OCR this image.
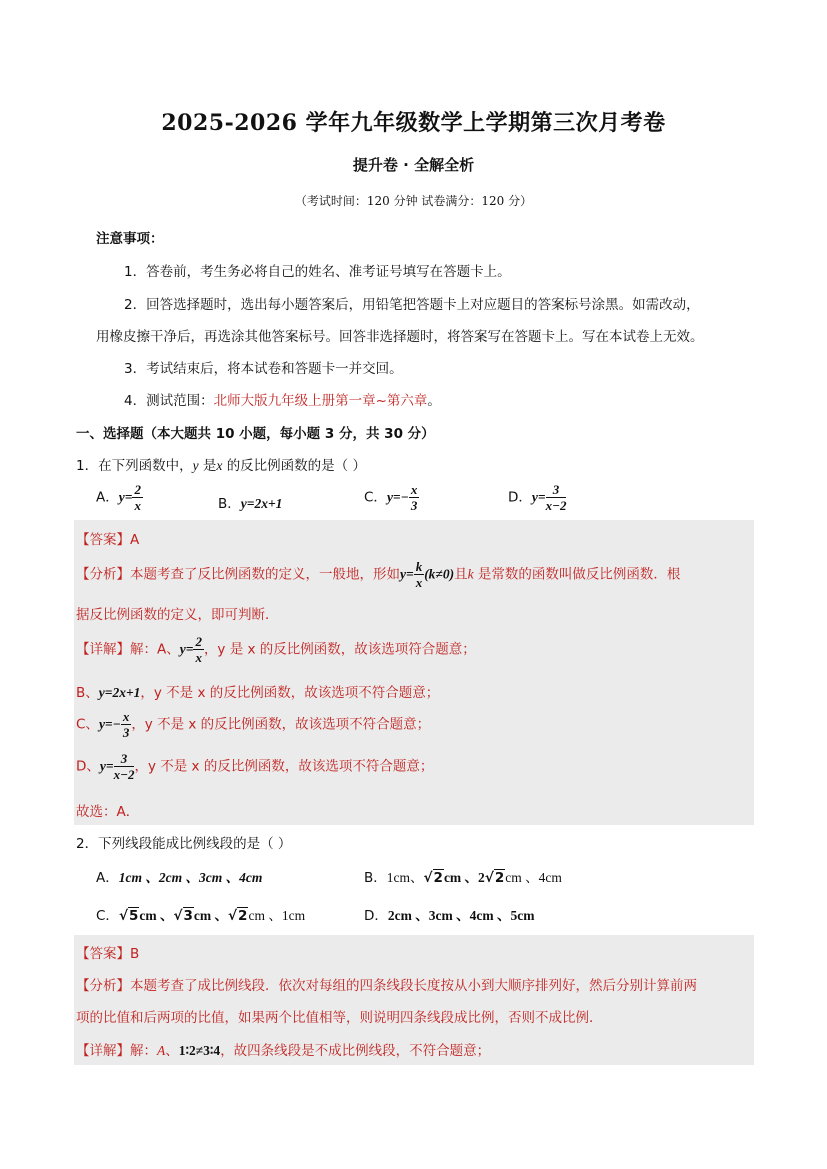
2025-2026 学年九年级数学上学期第三次月考卷
提升卷 · 全解全析
（考试时间：120 分钟 试卷满分：120 分）
注意事项：
1．答卷前，考生务必将自己的姓名、准考证号填写在答题卡上。
2．回答选择题时，选出每小题答案后，用铅笔把答题卡上对应题目的答案标号涂黑。如需改动，
用橡皮擦干净后，再选涂其他答案标号。回答非选择题时，将答案写在答题卡上。写在本试卷上无效。
3．考试结束后，将本试卷和答题卡一并交回。
4．测试范围：北师大版九年级上册第一章~第六章。
一、选择题（本大题共 10 小题，每小题 3 分，共 30 分）
1．在下列函数中，y 是x 的反比例函数的是（ ）
A．$y= \frac{2}{x}$	B．y=2x+1	C．$y=- \frac{x}{3}$	D．$y= \frac{3}{x-2}$
【答案】A
【分析】本题考查了反比例函数的定义，一般地，形如$y= \frac{k}{x} (k\ne 0)$且k 是常数的函数叫做反比例函数．根
据反比例函数的定义，即可判断．
【详解】解：A、$y= \frac{2}{x}$ ，y 是 x 的反比例函数，故该选项符合题意；
B、y=2x+1，y 不是 x 的反比例函数，故该选项不符合题意；
C、$y=- \frac{x}{3}$ ，y 不是 x 的反比例函数，故该选项不符合题意；
D、$y= \frac{3}{x-2}$ ，y 不是 x 的反比例函数，故该选项不符合题意；
故选：A．
2．下列线段能成比例线段的是（ ）
A．1cm 、2cm 、3cm 、4cm	B．1cm、√2cm 、2√2cm 、4cm
C．√5cm 、√3cm 、√2cm 、1cm	D．2cm 、3cm 、4cm 、5cm
【答案】B
【分析】本题考查了成比例线段．依次对每组的四条线段长度按从小到大顺序排列好，然后分别计算前两
项的比值和后两项的比值，如果两个比值相等，则说明四条线段成比例，否则不成比例．
【详解】解：A、1∶2≠3∶4，故四条线段是不成比例线段，不符合题意；
